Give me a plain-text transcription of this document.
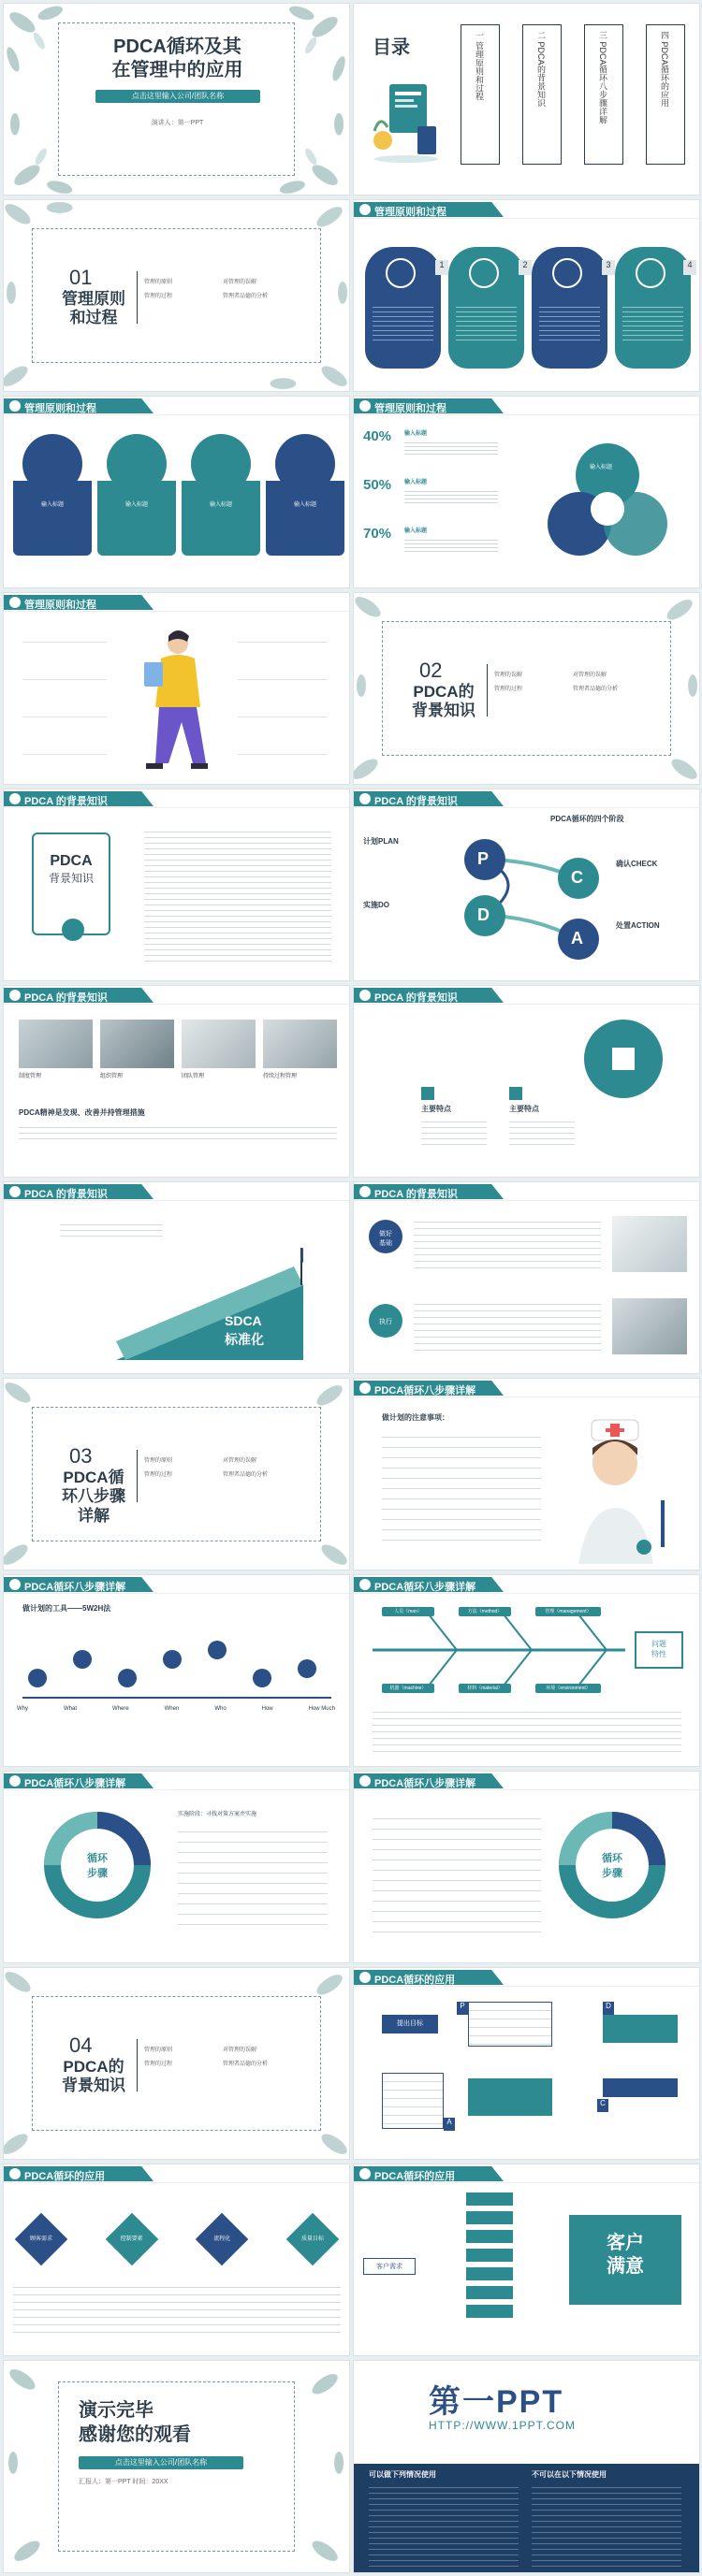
PDCA循环及其
在管理中的应用
点击这里输入公司/团队名称
演讲人：第一PPT
目录	一 管理原则和过程	二 PDCA的背景知识	三 PDCA循环八步骤详解	四 PDCA循环的应用
01
管理原则和过程
管理的原则	对管理的误解
管理的过程	管理者品德的分析
管理原则和过程
1	2	3	4
管理原则和过程
输入标题	输入标题	输入标题	输入标题
管理原则和过程
40%
50%
70%
输入标题
输入标题
输入标题
输入标题
管理原则和过程
02
PDCA的背景知识
管理的误解	对管理的误解
管理的过程	管理者品德的分析
PDCA 的背景知识
PDCA
背景知识
PDCA 的背景知识
PDCA循环的四个阶段
计划PLAN
实施DO
确认CHECK
处置ACTION
P
C
D
A
PDCA 的背景知识
制度管理	组织管理	团队管理	持续过程管理
PDCA精神是发现、改善并持管理措施
PDCA 的背景知识
主要特点	主要特点
PDCA 的背景知识
持续改进
SDCA
标准化
PDCA 的背景知识
做好
基础
执行
03
PDCA循环八步骤详解
管理的原则	对管理的误解
管理的过程	管理者品德的分析
PDCA循环八步骤详解
做计划的注意事项：
PDCA循环八步骤详解
做计划的工具——5W2H法
Why	What	Where	When	Who	How	How Much
PDCA循环八步骤详解
人员（man）	方法（method）	管理（management）
机器（machine）	材料（material）	环境（environment）
问题
特性
PDCA循环八步骤详解
循环
步骤
实施阶段：寻找对策方案并实施
PDCA循环八步骤详解
循环
步骤
04
PDCA的背景知识
管理的原则	对管理的误解
管理的过程	管理者品德的分析
PDCA循环的应用
提出目标
P	D
C
A
PDCA循环的应用
顾客需求	控制要素	流程化	质量目标
PDCA循环的应用
客户需求
客户
满意
演示完毕
感谢您的观看
点击这里输入公司/团队名称
汇报人：第一PPT 时间：20XX
第一PPT
HTTP://WWW.1PPT.COM
可以做下列情况使用	不可以在以下情况使用
